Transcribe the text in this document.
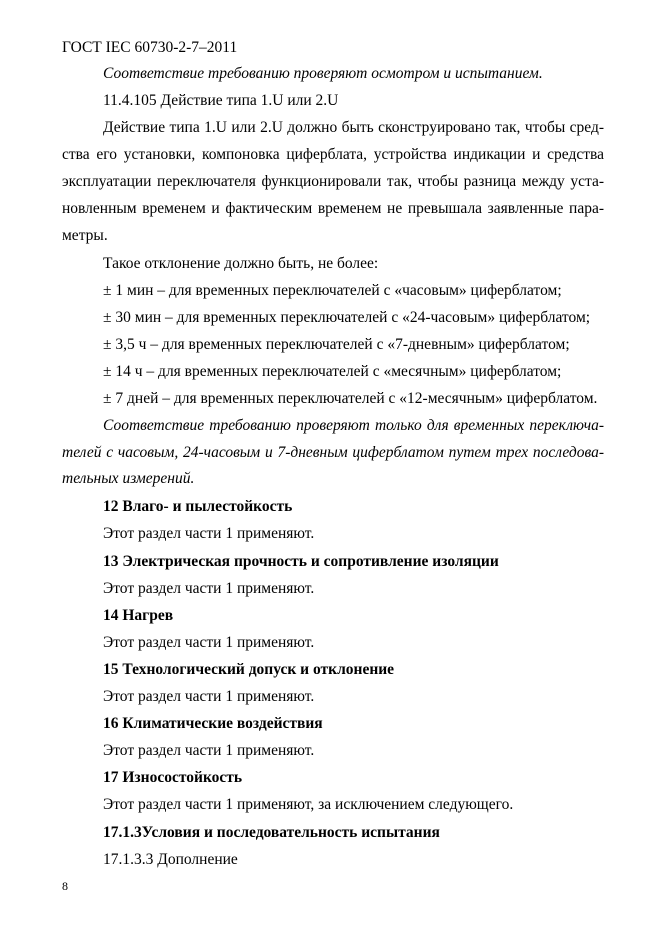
ГОСТ IEC 60730-2-7–2011
Соответствие требованию проверяют осмотром и испытанием.
11.4.105 Действие типа 1.U или 2.U
Действие типа 1.U или 2.U должно быть сконструировано так, чтобы сред-
ства его установки, компоновка циферблата, устройства индикации и средства
эксплуатации переключателя функционировали так, чтобы разница между уста-
новленным временем и фактическим временем не превышала заявленные пара-
метры.
Такое отклонение должно быть, не более:
± 1 мин – для временных переключателей с «часовым» циферблатом;
± 30 мин – для временных переключателей с «24-часовым» циферблатом;
± 3,5 ч – для временных переключателей с «7-дневным» циферблатом;
± 14 ч – для временных переключателей с «месячным» циферблатом;
± 7 дней – для временных переключателей с «12-месячным» циферблатом.
Соответствие требованию проверяют только для временных переключа-
телей с часовым, 24-часовым и 7-дневным циферблатом путем трех последова-
тельных измерений.
12 Влаго- и пылестойкость
Этот раздел части 1 применяют.
13 Электрическая прочность и сопротивление изоляции
Этот раздел части 1 применяют.
14 Нагрев
Этот раздел части 1 применяют.
15 Технологический допуск и отклонение
Этот раздел части 1 применяют.
16 Климатические воздействия
Этот раздел части 1 применяют.
17 Износостойкость
Этот раздел части 1 применяют, за исключением следующего.
17.1.3Условия и последовательность испытания
17.1.3.3 Дополнение
8
